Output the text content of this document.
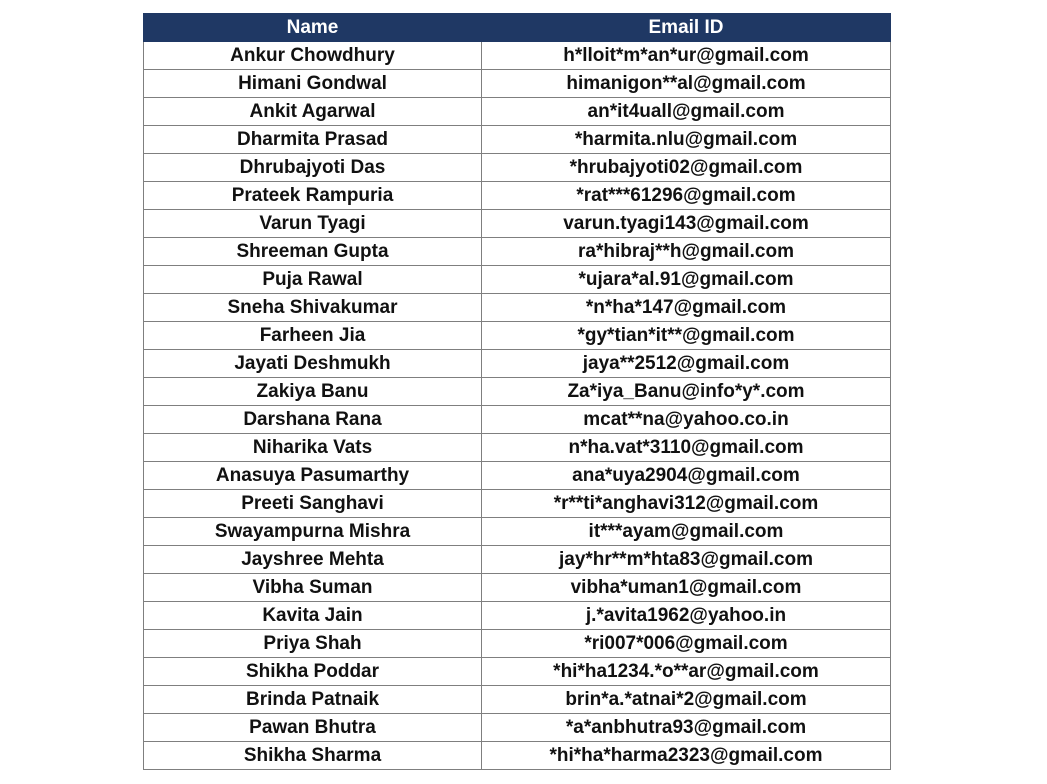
Name	Email ID
Ankur Chowdhury	h*lloit*m*an*ur@gmail.com
Himani Gondwal	himanigon**al@gmail.com
Ankit Agarwal	an*it4uall@gmail.com
Dharmita Prasad	*harmita.nlu@gmail.com
Dhrubajyoti Das	*hrubajyoti02@gmail.com
Prateek Rampuria	*rat***61296@gmail.com
Varun Tyagi	varun.tyagi143@gmail.com
Shreeman Gupta	ra*hibraj**h@gmail.com
Puja Rawal	*ujara*al.91@gmail.com
Sneha Shivakumar	*n*ha*147@gmail.com
Farheen Jia	*gy*tian*it**@gmail.com
Jayati Deshmukh	jaya**2512@gmail.com
Zakiya Banu	Za*iya_Banu@info*y*.com
Darshana Rana	mcat**na@yahoo.co.in
Niharika Vats	n*ha.vat*3110@gmail.com
Anasuya Pasumarthy	ana*uya2904@gmail.com
Preeti Sanghavi	*r**ti*anghavi312@gmail.com
Swayampurna Mishra	it***ayam@gmail.com
Jayshree Mehta	jay*hr**m*hta83@gmail.com
Vibha Suman	vibha*uman1@gmail.com
Kavita Jain	j.*avita1962@yahoo.in
Priya Shah	*ri007*006@gmail.com
Shikha Poddar	*hi*ha1234.*o**ar@gmail.com
Brinda Patnaik	brin*a.*atnai*2@gmail.com
Pawan Bhutra	*a*anbhutra93@gmail.com
Shikha Sharma	*hi*ha*harma2323@gmail.com
